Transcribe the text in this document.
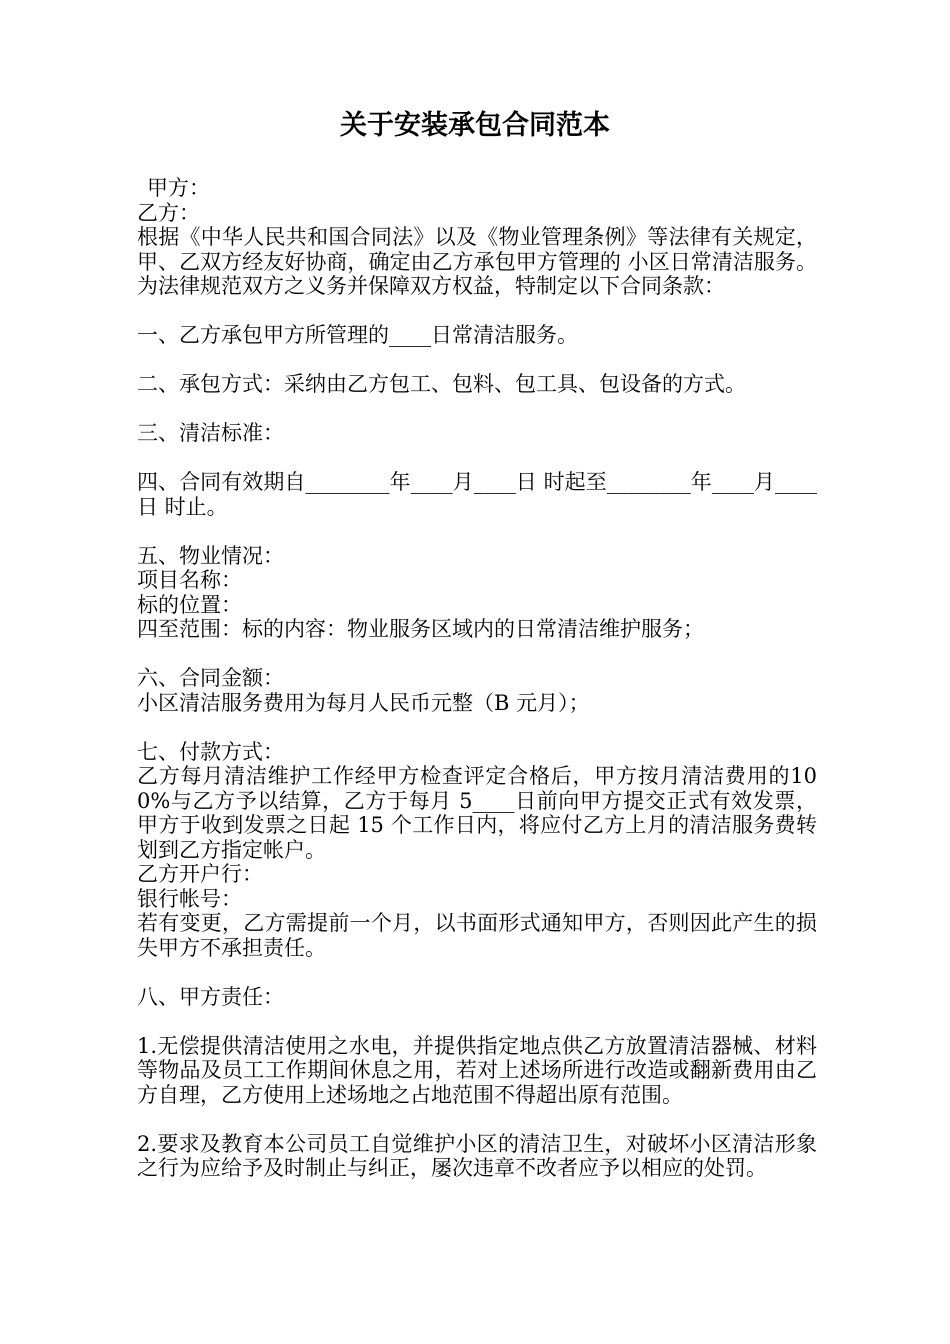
关于安装承包合同范本

甲方：

乙方：

根据《中华人民共和国合同法》以及《物业管理条例》等法律有关规定，甲、乙双方经友好协商，确定由乙方承包甲方管理的 小区日常清洁服务。为法律规范双方之义务并保障双方权益，特制定以下合同条款：

一、乙方承包甲方所管理的____日常清洁服务。

二、承包方式：采纳由乙方包工、包料、包工具、包设备的方式。

三、清洁标准：

四、合同有效期自________年____月____日 时起至________年____月____日 时止。

五、物业情况：

项目名称：

标的位置：

四至范围：标的内容：物业服务区域内的日常清洁维护服务；

六、合同金额：

小区清洁服务费用为每月人民币元整（B 元月）；

七、付款方式：

乙方每月清洁维护工作经甲方检查评定合格后，甲方按月清洁费用的100%与乙方予以结算，乙方于每月 5____日前向甲方提交正式有效发票，甲方于收到发票之日起 15 个工作日内，将应付乙方上月的清洁服务费转划到乙方指定帐户。

乙方开户行：

银行帐号：

若有变更，乙方需提前一个月，以书面形式通知甲方，否则因此产生的损失甲方不承担责任。

八、甲方责任：

1.无偿提供清洁使用之水电，并提供指定地点供乙方放置清洁器械、材料等物品及员工工作期间休息之用，若对上述场所进行改造或翻新费用由乙方自理，乙方使用上述场地之占地范围不得超出原有范围。

2.要求及教育本公司员工自觉维护小区的清洁卫生，对破坏小区清洁形象之行为应给予及时制止与纠正，屡次违章不改者应予以相应的处罚。
